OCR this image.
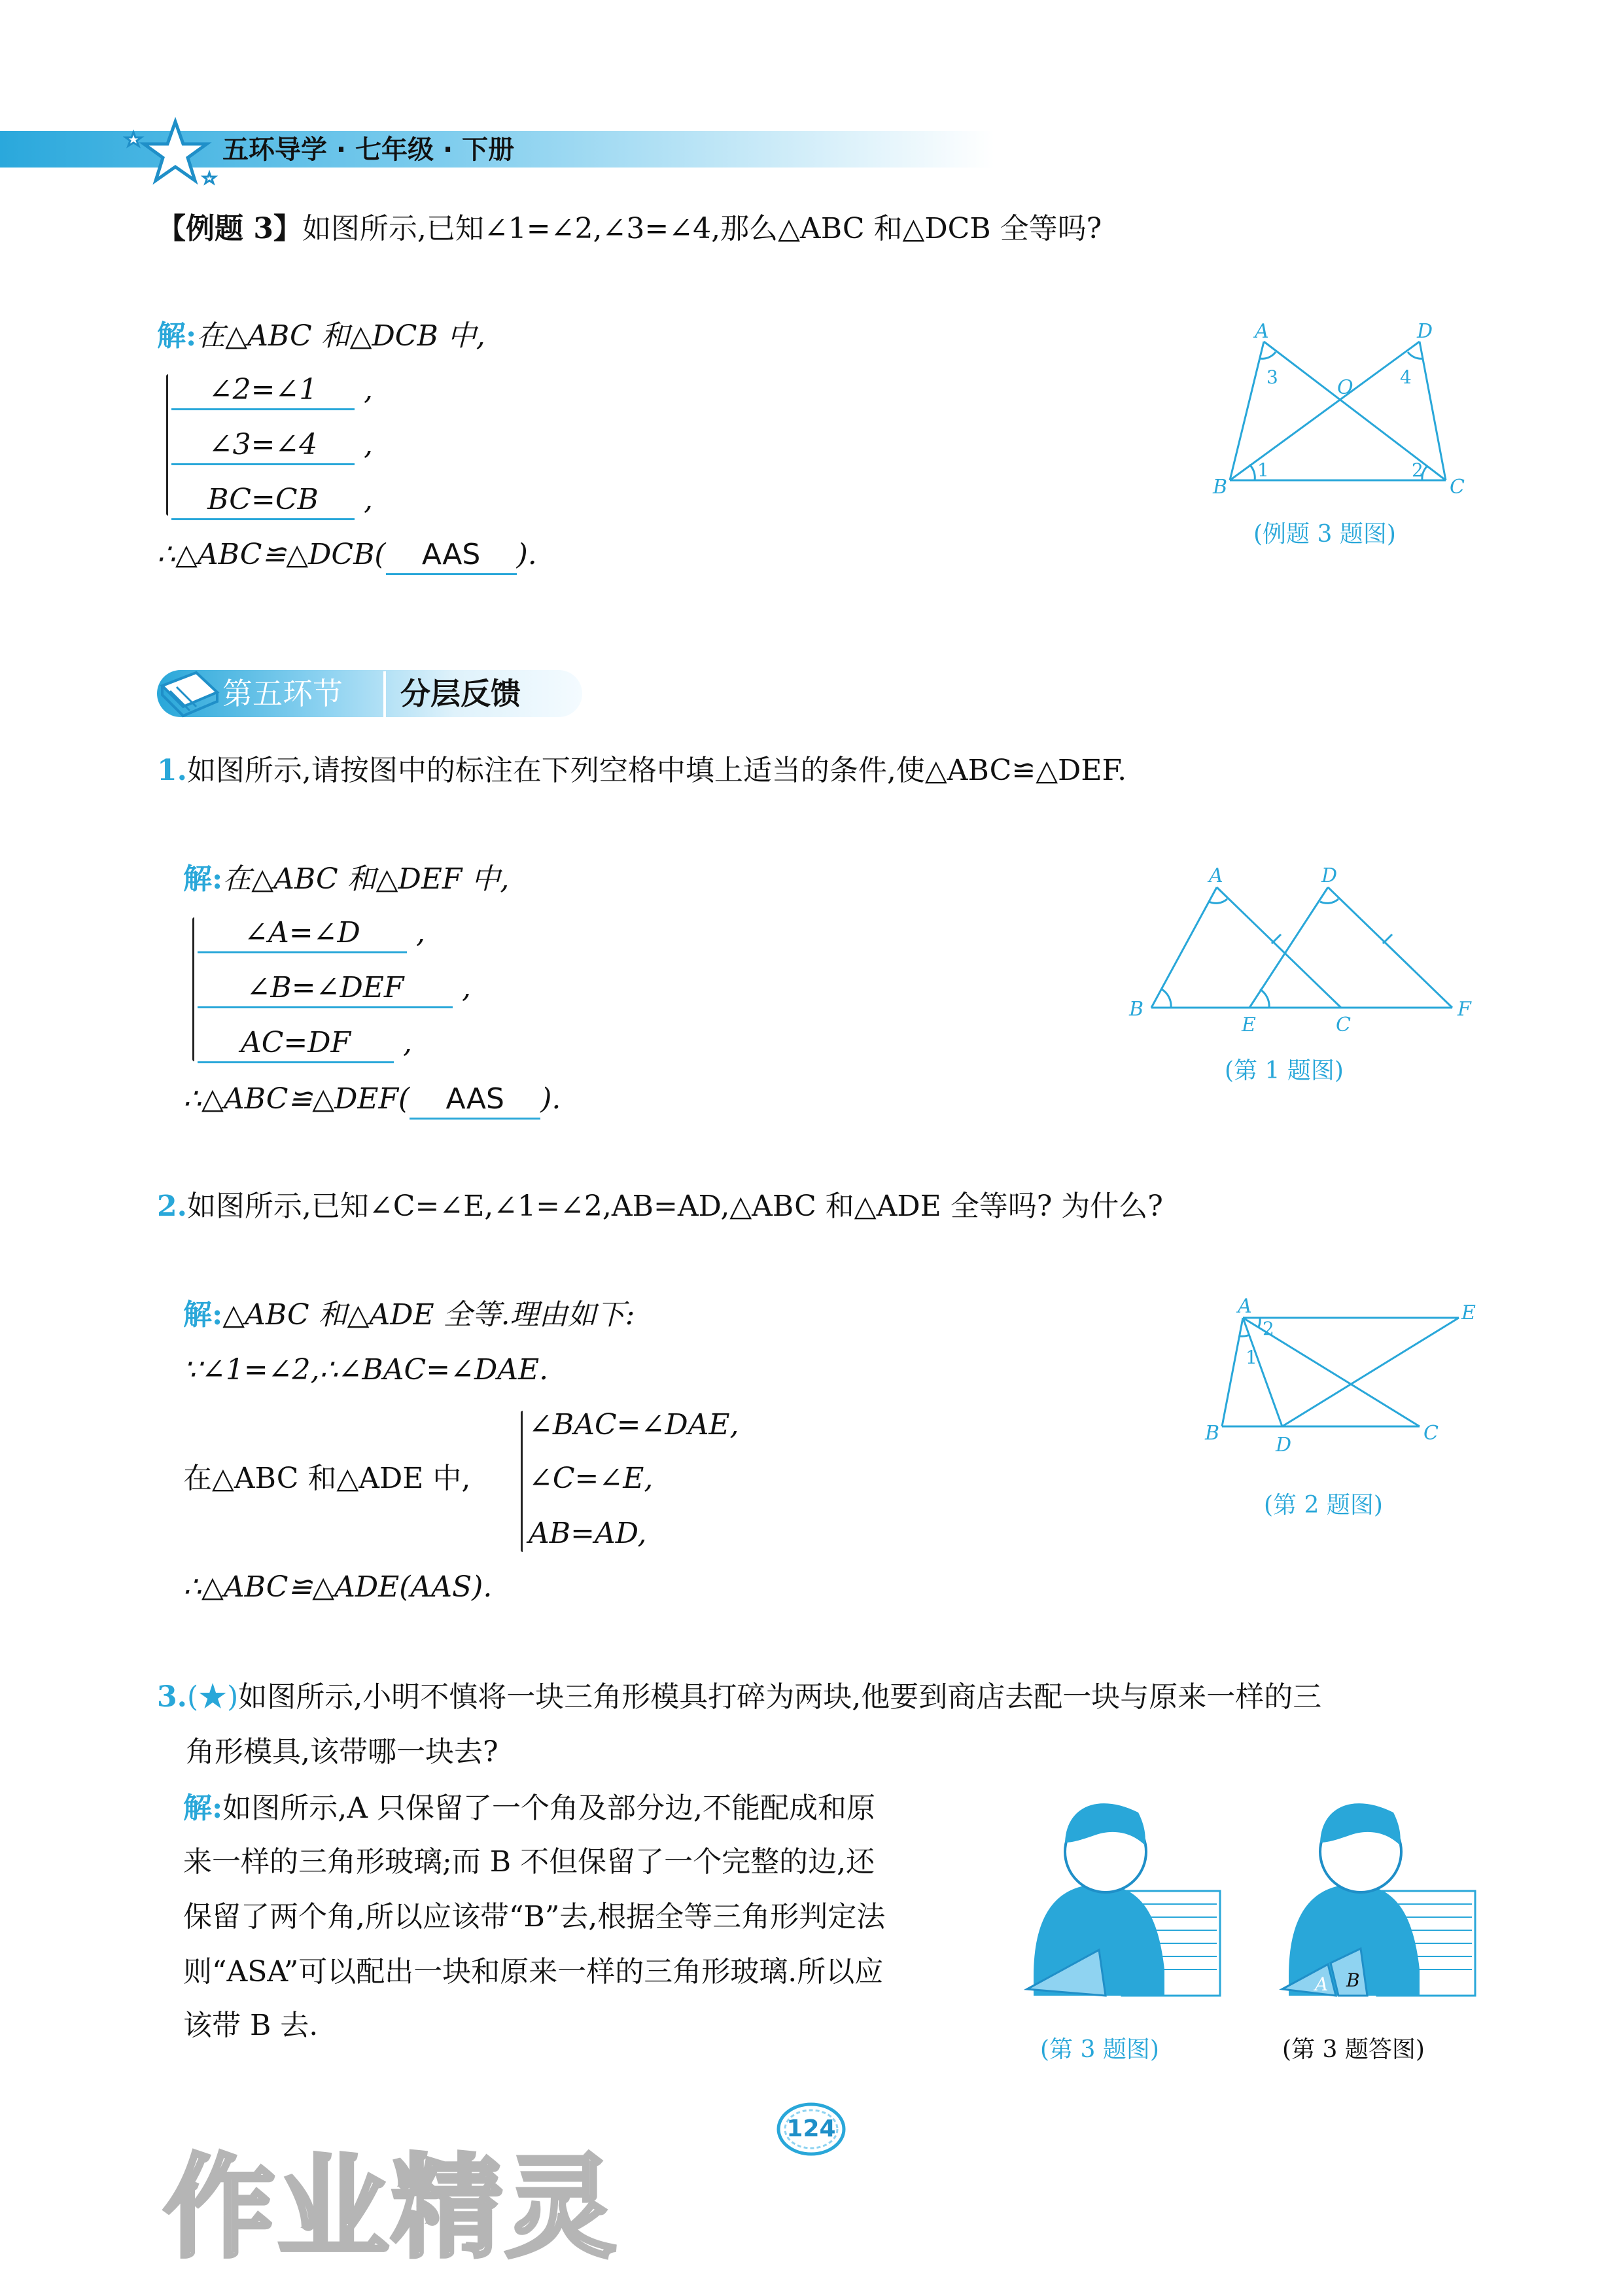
五环导学 · 七年级 · 下册
【例题 3】如图所示,已知∠1=∠2,∠3=∠4,那么△ABC 和△DCB 全等吗?
解:在△ABC 和△DCB 中,
∠2=∠1 ,
∠3=∠4 ,
BC=CB ,
∴△ABC≌△DCB( AAS ).
A	D
O
B	C
3	4
1	2
(例题 3 题图)
第五环节 分层反馈
1.如图所示,请按图中的标注在下列空格中填上适当的条件,使△ABC≌△DEF.
解:在△ABC 和△DEF 中,
∠A=∠D ,
∠B=∠DEF ,
AC=DF ,
∴△ABC≌△DEF( AAS ).
A	D
B
E	C
F
(第 1 题图)
2.如图所示,已知∠C=∠E,∠1=∠2,AB=AD,△ABC 和△ADE 全等吗? 为什么?
解:△ABC 和△ADE 全等.理由如下:
∵∠1=∠2,∴∠BAC=∠DAE.
在△ABC 和△ADE 中,
∠BAC=∠DAE,
∠C=∠E,
AB=AD,
∴△ABC≌△ADE(AAS).
A	E
B
D
C
1
2
(第 2 题图)
3.(★)如图所示,小明不慎将一块三角形模具打碎为两块,他要到商店去配一块与原来一样的三
角形模具,该带哪一块去?
解:如图所示,A 只保留了一个角及部分边,不能配成和原
来一样的三角形玻璃;而 B 不但保留了一个完整的边,还
保留了两个角,所以应该带“B”去,根据全等三角形判定法
则“ASA”可以配出一块和原来一样的三角形玻璃.所以应
该带 B 去.
(第 3 题图)
A B
(第 3 题答图)
124
作业精灵
